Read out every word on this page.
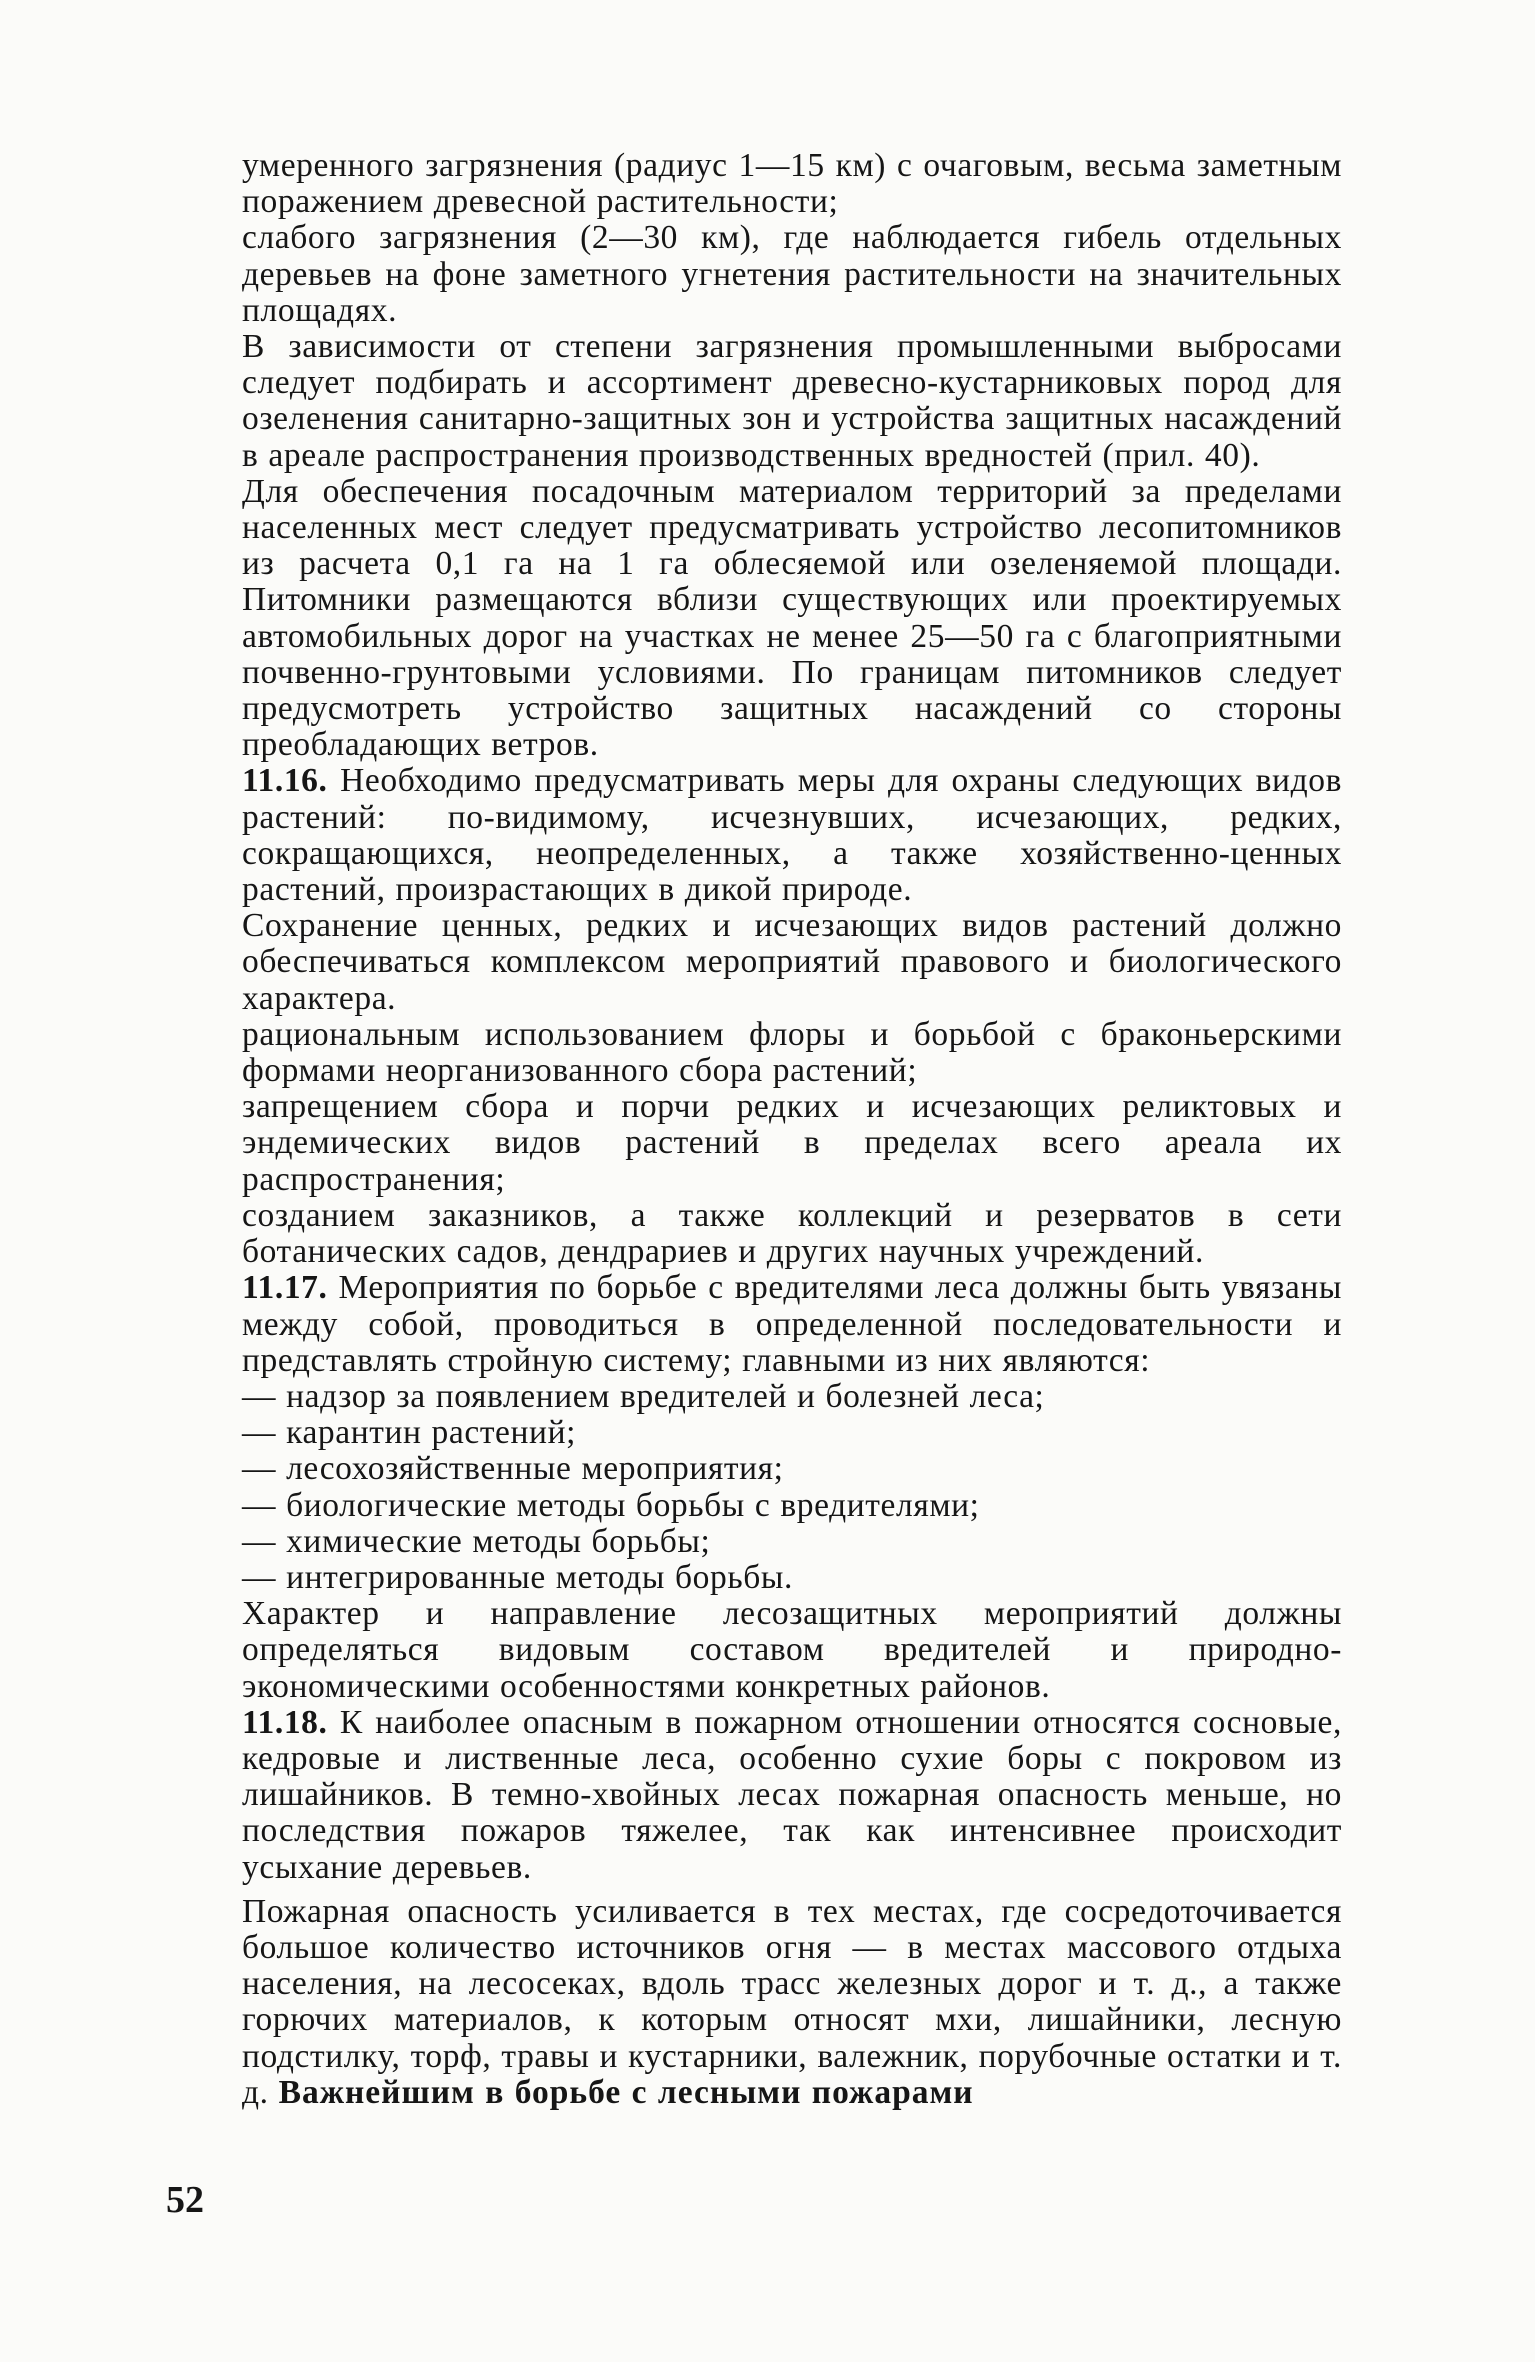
умеренного загрязнения (радиус 1—15 км) с очаговым, весьма заметным поражением древесной растительности;

слабого загрязнения (2—30 км), где наблюдается гибель отдельных деревьев на фоне заметного угнетения растительности на значительных площадях.

В зависимости от степени загрязнения промышленными выбросами следует подбирать и ассортимент древесно-кустарниковых пород для озеленения санитарно-защитных зон и устройства защитных насаждений в ареале распространения производственных вредностей (прил. 40).

Для обеспечения посадочным материалом территорий за пределами населенных мест следует предусматривать устройство лесопитомников из расчета 0,1 га на 1 га облесяемой или озеленяемой площади. Питомники размещаются вблизи существующих или проектируемых автомобильных дорог на участках не менее 25—50 га с благоприятными почвенно-грунтовыми условиями. По границам питомников следует предусмотреть устройство защитных насаждений со стороны преобладающих ветров.

11.16. Необходимо предусматривать меры для охраны следующих видов растений: по-видимому, исчезнувших, исчезающих, редких, сокращающихся, неопределенных, а также хозяйственно-ценных растений, произрастающих в дикой природе.

Сохранение ценных, редких и исчезающих видов растений должно обеспечиваться комплексом мероприятий правового и биологического характера.

рациональным использованием флоры и борьбой с браконьерскими формами неорганизованного сбора растений;

запрещением сбора и порчи редких и исчезающих реликтовых и эндемических видов растений в пределах всего ареала их распространения;

созданием заказников, а также коллекций и резерватов в сети ботанических садов, дендрариев и других научных учреждений.

11.17. Мероприятия по борьбе с вредителями леса должны быть увязаны между собой, проводиться в определенной последовательности и представлять стройную систему; главными из них являются:

— надзор за появлением вредителей и болезней леса;

— карантин растений;

— лесохозяйственные мероприятия;

— биологические методы борьбы с вредителями;

— химические методы борьбы;

— интегрированные методы борьбы.

Характер и направление лесозащитных мероприятий должны определяться видовым составом вредителей и природно-экономическими особенностями конкретных районов.

11.18. К наиболее опасным в пожарном отношении относятся сосновые, кедровые и лиственные леса, особенно сухие боры с покровом из лишайников. В темно-хвойных лесах пожарная опасность меньше, но последствия пожаров тяжелее, так как интенсивнее происходит усыхание деревьев.

Пожарная опасность усиливается в тех местах, где сосредоточивается большое количество источников огня — в местах массового отдыха населения, на лесосеках, вдоль трасс железных дорог и т. д., а также горючих материалов, к которым относят мхи, лишайники, лесную подстилку, торф, травы и кустарники, валежник, порубочные остатки и т. д. Важнейшим в борьбе с лесными пожарами

52
